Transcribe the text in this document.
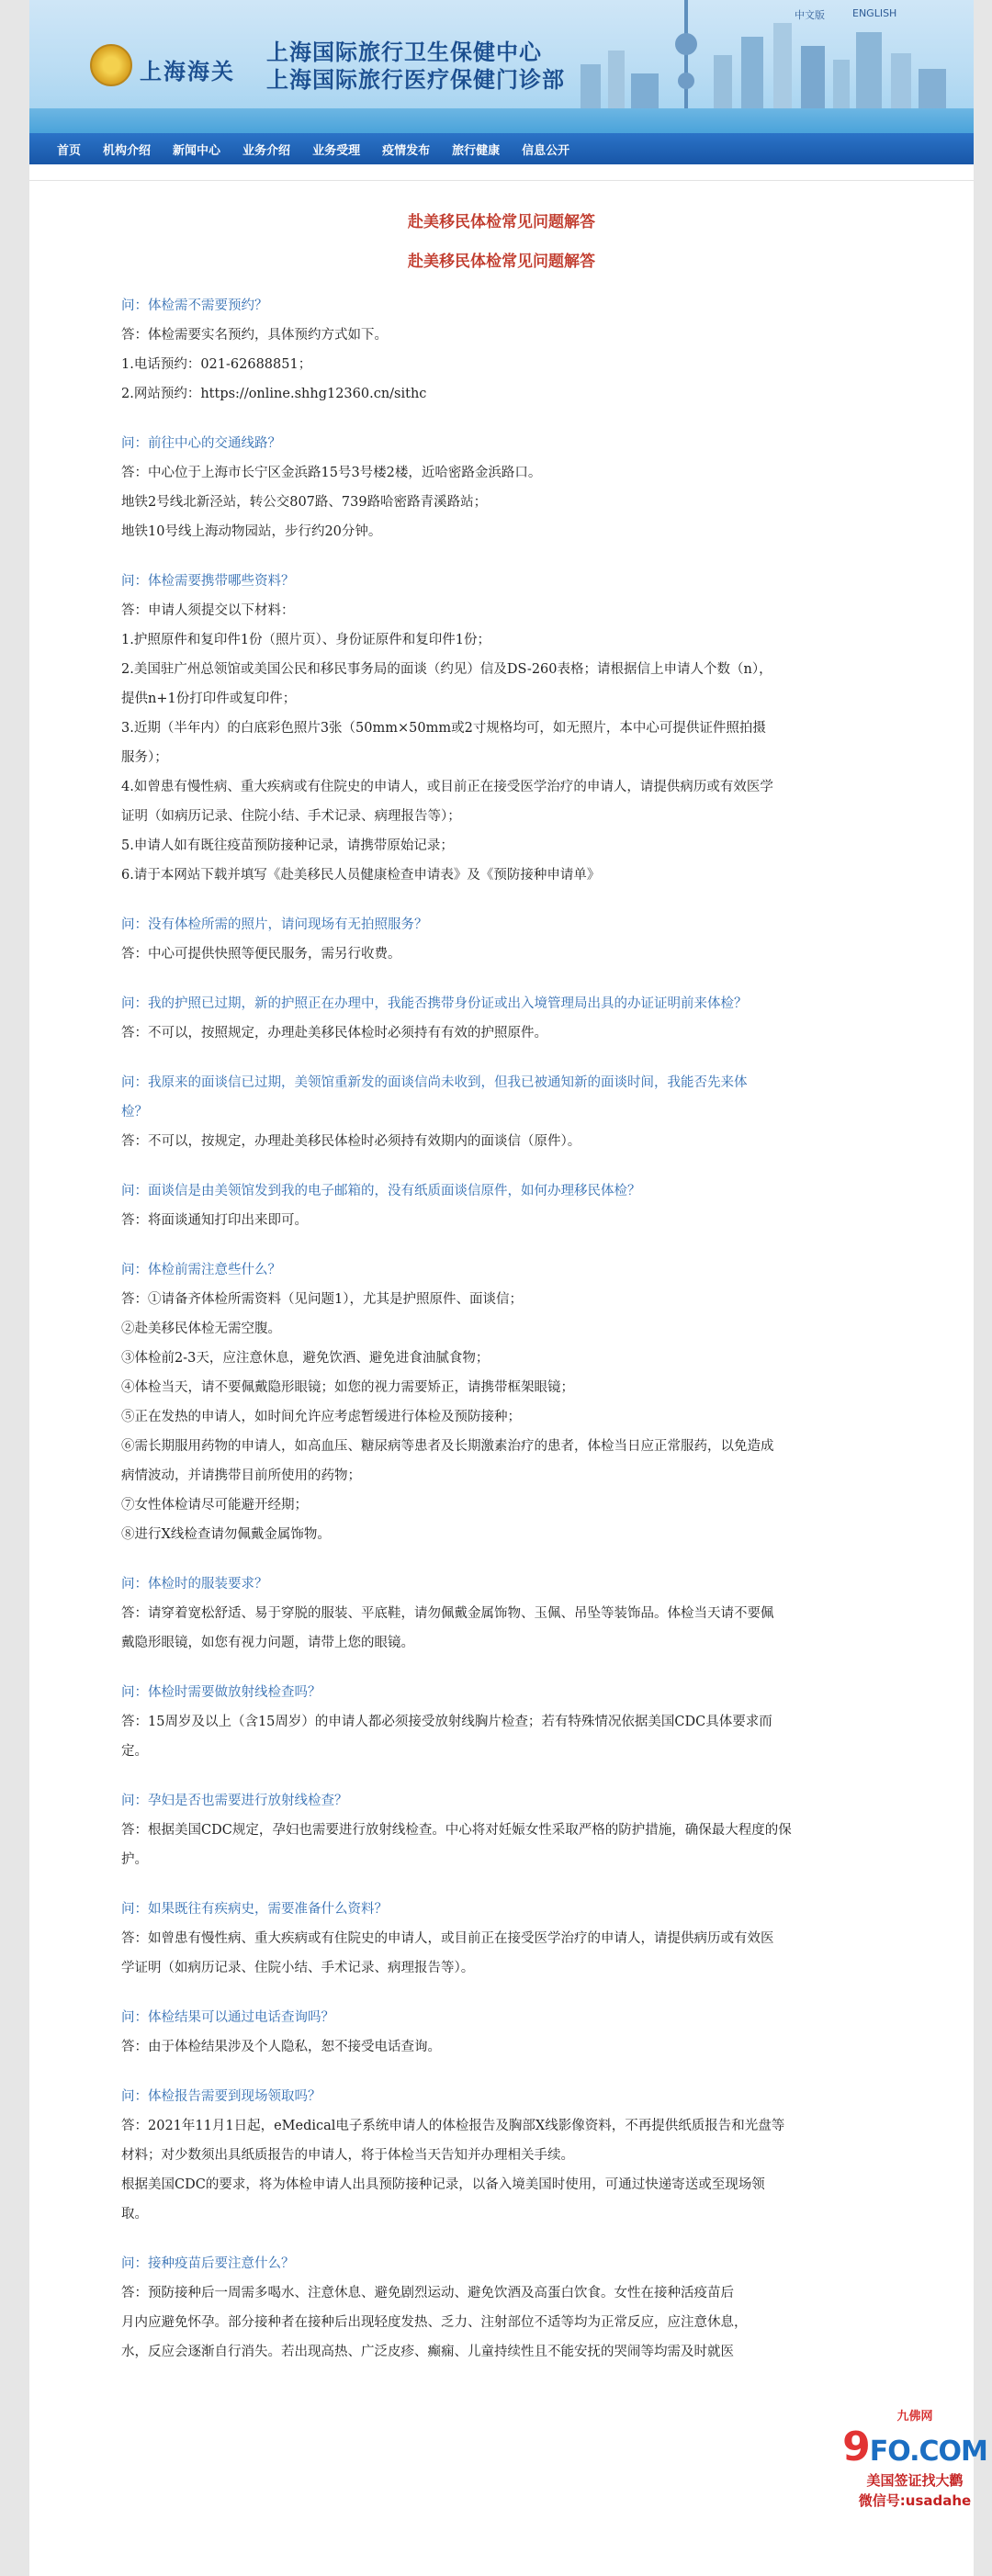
上海海关
上海国际旅行卫生保健中心
上海国际旅行医疗保健门诊部
中文版	ENGLISH
首页 机构介绍 新闻中心 业务介绍 业务受理 疫情发布 旅行健康 信息公开
赴美移民体检常见问题解答
赴美移民体检常见问题解答
问：体检需不需要预约？
答：体检需要实名预约，具体预约方式如下。
1.电话预约：021-62688851；
2.网站预约：https://online.shhg12360.cn/sithc
问：前往中心的交通线路？
答：中心位于上海市长宁区金浜路15号3号楼2楼，近哈密路金浜路口。
地铁2号线北新泾站，转公交807路、739路哈密路青溪路站；
地铁10号线上海动物园站，步行约20分钟。
问：体检需要携带哪些资料？
答：申请人须提交以下材料：
1.护照原件和复印件1份（照片页）、身份证原件和复印件1份；
2.美国驻广州总领馆或美国公民和移民事务局的面谈（约见）信及DS-260表格；请根据信上申请人个数（n），
提供n+1份打印件或复印件；
3.近期（半年内）的白底彩色照片3张（50mm×50mm或2寸规格均可，如无照片，本中心可提供证件照拍摄
服务）；
4.如曾患有慢性病、重大疾病或有住院史的申请人，或目前正在接受医学治疗的申请人，请提供病历或有效医学
证明（如病历记录、住院小结、手术记录、病理报告等）；
5.申请人如有既往疫苗预防接种记录，请携带原始记录；
6.请于本网站下载并填写《赴美移民人员健康检查申请表》及《预防接种申请单》
问：没有体检所需的照片，请问现场有无拍照服务？
答：中心可提供快照等便民服务，需另行收费。
问：我的护照已过期，新的护照正在办理中，我能否携带身份证或出入境管理局出具的办证证明前来体检？
答：不可以，按照规定，办理赴美移民体检时必须持有有效的护照原件。
问：我原来的面谈信已过期，美领馆重新发的面谈信尚未收到，但我已被通知新的面谈时间，我能否先来体
检？
答：不可以，按规定，办理赴美移民体检时必须持有效期内的面谈信（原件）。
问：面谈信是由美领馆发到我的电子邮箱的，没有纸质面谈信原件，如何办理移民体检？
答：将面谈通知打印出来即可。
问：体检前需注意些什么？
答：①请备齐体检所需资料（见问题1），尤其是护照原件、面谈信；
②赴美移民体检无需空腹。
③体检前2-3天，应注意休息，避免饮酒、避免进食油腻食物；
④体检当天，请不要佩戴隐形眼镜；如您的视力需要矫正，请携带框架眼镜；
⑤正在发热的申请人，如时间允许应考虑暂缓进行体检及预防接种；
⑥需长期服用药物的申请人，如高血压、糖尿病等患者及长期激素治疗的患者，体检当日应正常服药，以免造成
病情波动，并请携带目前所使用的药物；
⑦女性体检请尽可能避开经期；
⑧进行X线检查请勿佩戴金属饰物。
问：体检时的服装要求？
答：请穿着宽松舒适、易于穿脱的服装、平底鞋，请勿佩戴金属饰物、玉佩、吊坠等装饰品。体检当天请不要佩
戴隐形眼镜，如您有视力问题，请带上您的眼镜。
问：体检时需要做放射线检查吗？
答：15周岁及以上（含15周岁）的申请人都必须接受放射线胸片检查；若有特殊情况依据美国CDC具体要求而
定。
问：孕妇是否也需要进行放射线检查？
答：根据美国CDC规定，孕妇也需要进行放射线检查。中心将对妊娠女性采取严格的防护措施，确保最大程度的保
护。
问：如果既往有疾病史，需要准备什么资料？
答：如曾患有慢性病、重大疾病或有住院史的申请人，或目前正在接受医学治疗的申请人，请提供病历或有效医
学证明（如病历记录、住院小结、手术记录、病理报告等）。
问：体检结果可以通过电话查询吗？
答：由于体检结果涉及个人隐私，恕不接受电话查询。
问：体检报告需要到现场领取吗？
答：2021年11月1日起，eMedical电子系统申请人的体检报告及胸部X线影像资料，不再提供纸质报告和光盘等
材料；对少数须出具纸质报告的申请人，将于体检当天告知并办理相关手续。
根据美国CDC的要求，将为体检申请人出具预防接种记录，以备入境美国时使用，可通过快递寄送或至现场领
取。
问：接种疫苗后要注意什么？
答：预防接种后一周需多喝水、注意休息、避免剧烈运动、避免饮酒及高蛋白饮食。女性在接种活疫苗后
月内应避免怀孕。部分接种者在接种后出现轻度发热、乏力、注射部位不适等均为正常反应，应注意休息，
水，反应会逐渐自行消失。若出现高热、广泛皮疹、癫痫、儿童持续性且不能安抚的哭闹等均需及时就医
九佛网
9FO.COM
美国签证找大鹳
微信号:usadahe
